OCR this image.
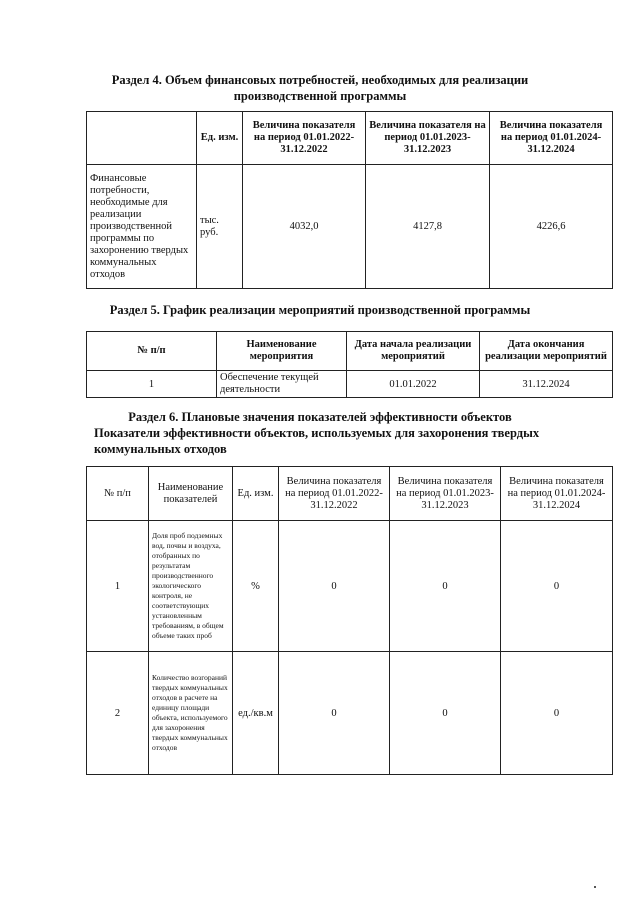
Раздел 4. Объем финансовых потребностей, необходимых для реализации
производственной программы
	Ед. изм.	Величина показателя на период 01.01.2022- 31.12.2022	Величина показателя на период 01.01.2023- 31.12.2023	Величина показателя на период 01.01.2024- 31.12.2024
Финансовые потребности, необходимые для реализации производственной программы по захоронению твердых коммунальных отходов	тыс. руб.	4032,0	4127,8	4226,6
Раздел 5. График реализации мероприятий производственной программы
№ п/п	Наименование мероприятия	Дата начала реализации мероприятий	Дата окончания реализации мероприятий
1	Обеспечение текущей деятельности	01.01.2022	31.12.2024
Раздел 6. Плановые значения показателей эффективности объектов
Показатели эффективности объектов, используемых для захоронения твердых
коммунальных отходов
№ п/п	Наименование показателей	Ед. изм.	Величина показателя на период 01.01.2022- 31.12.2022	Величина показателя на период 01.01.2023- 31.12.2023	Величина показателя на период 01.01.2024- 31.12.2024
1	Доля проб подземных вод, почвы и воздуха, отобранных по результатам производственного экологического контроля, не соответствующих установленным требованиям, в общем объеме таких проб	%	0	0	0
2	Количество возгораний твердых коммунальных отходов в расчете на единицу площади объекта, используемого для захоронения твердых коммунальных отходов	ед./кв.м	0	0	0
